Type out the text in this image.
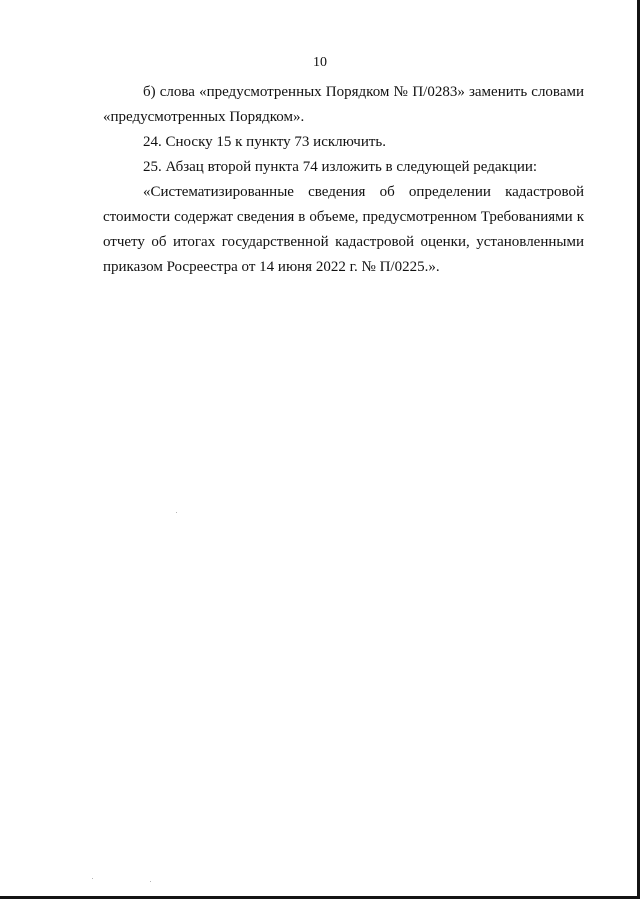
10

б) слова «предусмотренных Порядком № П/0283» заменить словами «предусмотренных Порядком».

24. Сноску 15 к пункту 73 исключить.

25. Абзац второй пункта 74 изложить в следующей редакции:

«Систематизированные сведения об определении кадастровой стоимости содержат сведения в объеме, предусмотренном Требованиями к отчету об итогах государственной кадастровой оценки, установленными приказом Росреестра от 14 июня 2022 г. № П/0225.».
